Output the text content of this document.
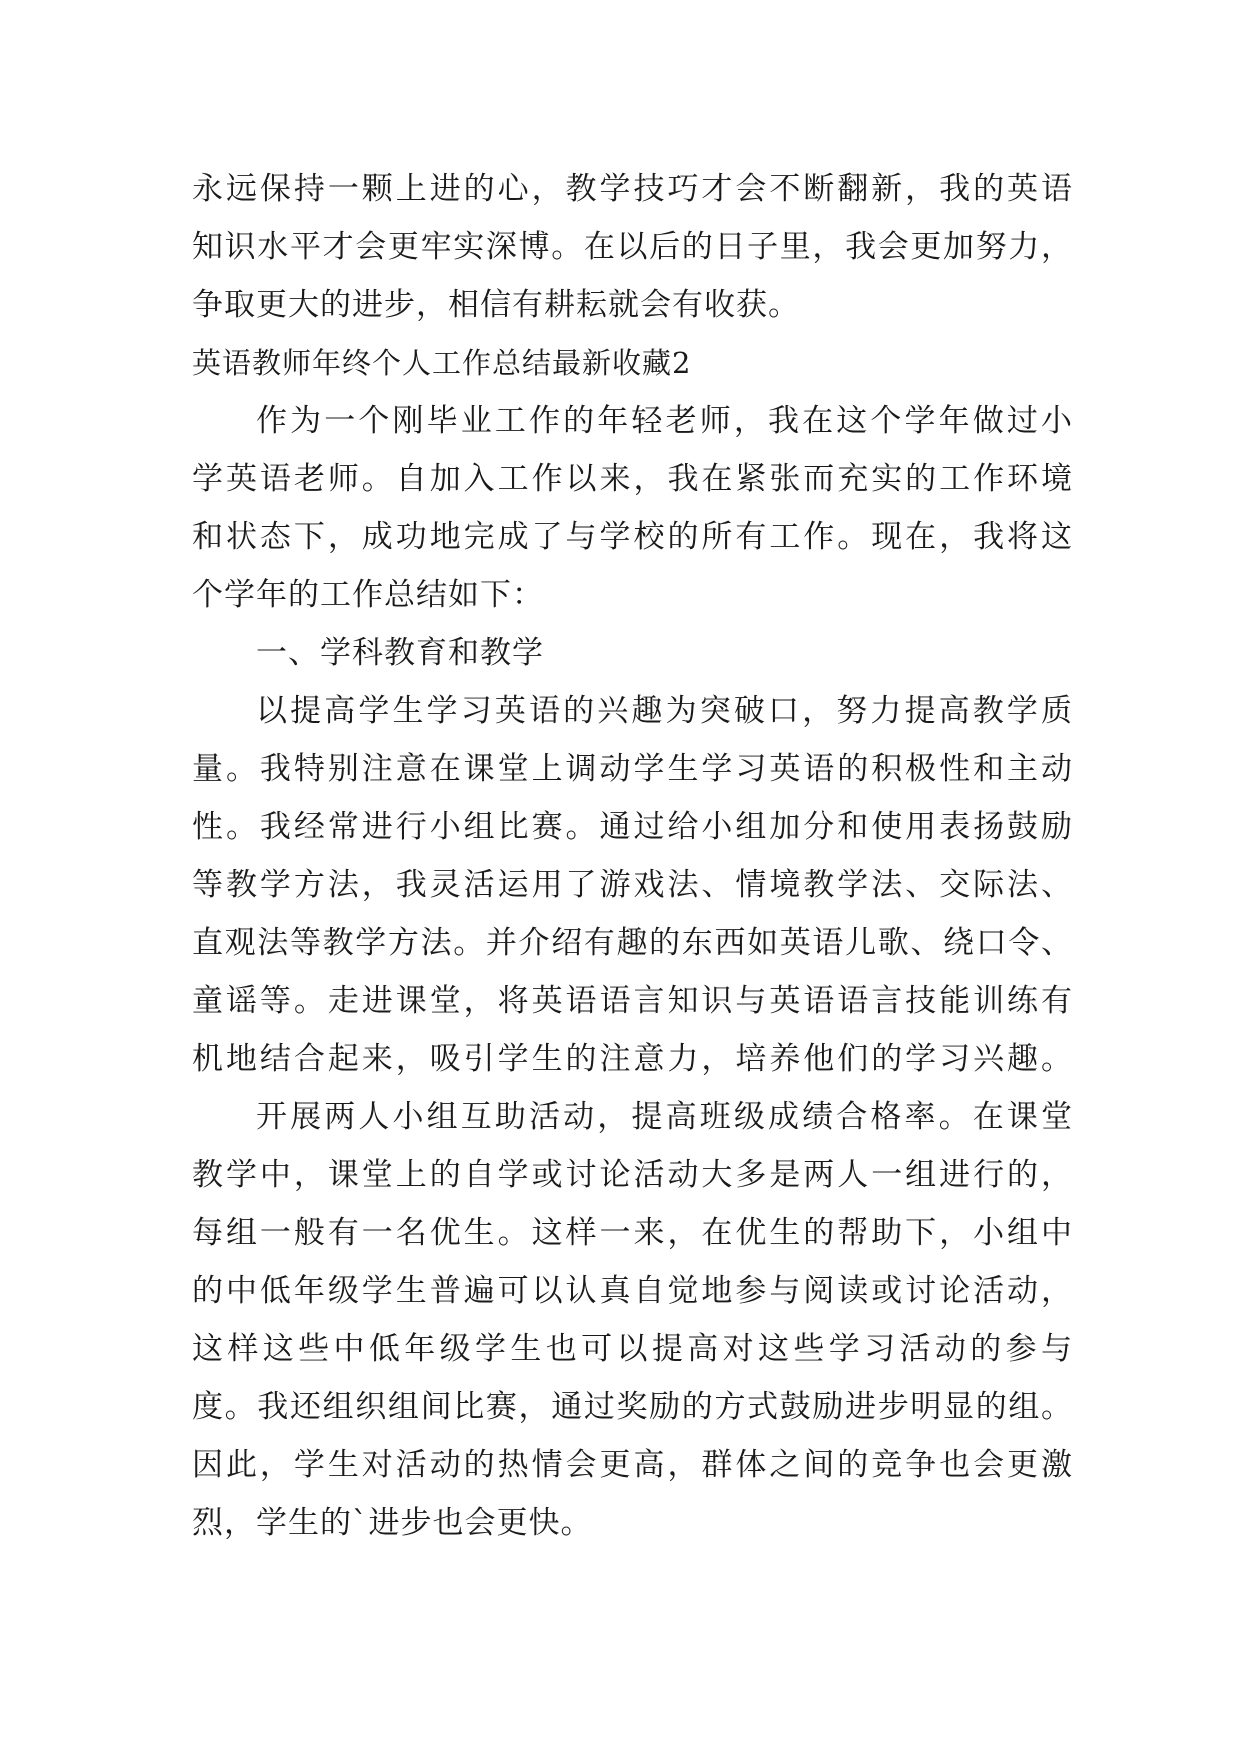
永远保持一颗上进的心，教学技巧才会不断翻新，我的英语
知识水平才会更牢实深博。在以后的日子里，我会更加努力，
争取更大的进步，相信有耕耘就会有收获。
英语教师年终个人工作总结最新收藏2
作为一个刚毕业工作的年轻老师，我在这个学年做过小
学英语老师。自加入工作以来，我在紧张而充实的工作环境
和状态下，成功地完成了与学校的所有工作。现在，我将这
个学年的工作总结如下：
一、学科教育和教学
以提高学生学习英语的兴趣为突破口，努力提高教学质
量。我特别注意在课堂上调动学生学习英语的积极性和主动
性。我经常进行小组比赛。通过给小组加分和使用表扬鼓励
等教学方法，我灵活运用了游戏法、情境教学法、交际法、
直观法等教学方法。并介绍有趣的东西如英语儿歌、绕口令、
童谣等。走进课堂，将英语语言知识与英语语言技能训练有
机地结合起来，吸引学生的注意力，培养他们的学习兴趣。
开展两人小组互助活动，提高班级成绩合格率。在课堂
教学中，课堂上的自学或讨论活动大多是两人一组进行的，
每组一般有一名优生。这样一来，在优生的帮助下，小组中
的中低年级学生普遍可以认真自觉地参与阅读或讨论活动，
这样这些中低年级学生也可以提高对这些学习活动的参与
度。我还组织组间比赛，通过奖励的方式鼓励进步明显的组。
因此，学生对活动的热情会更高，群体之间的竞争也会更激
烈，学生的`进步也会更快。
